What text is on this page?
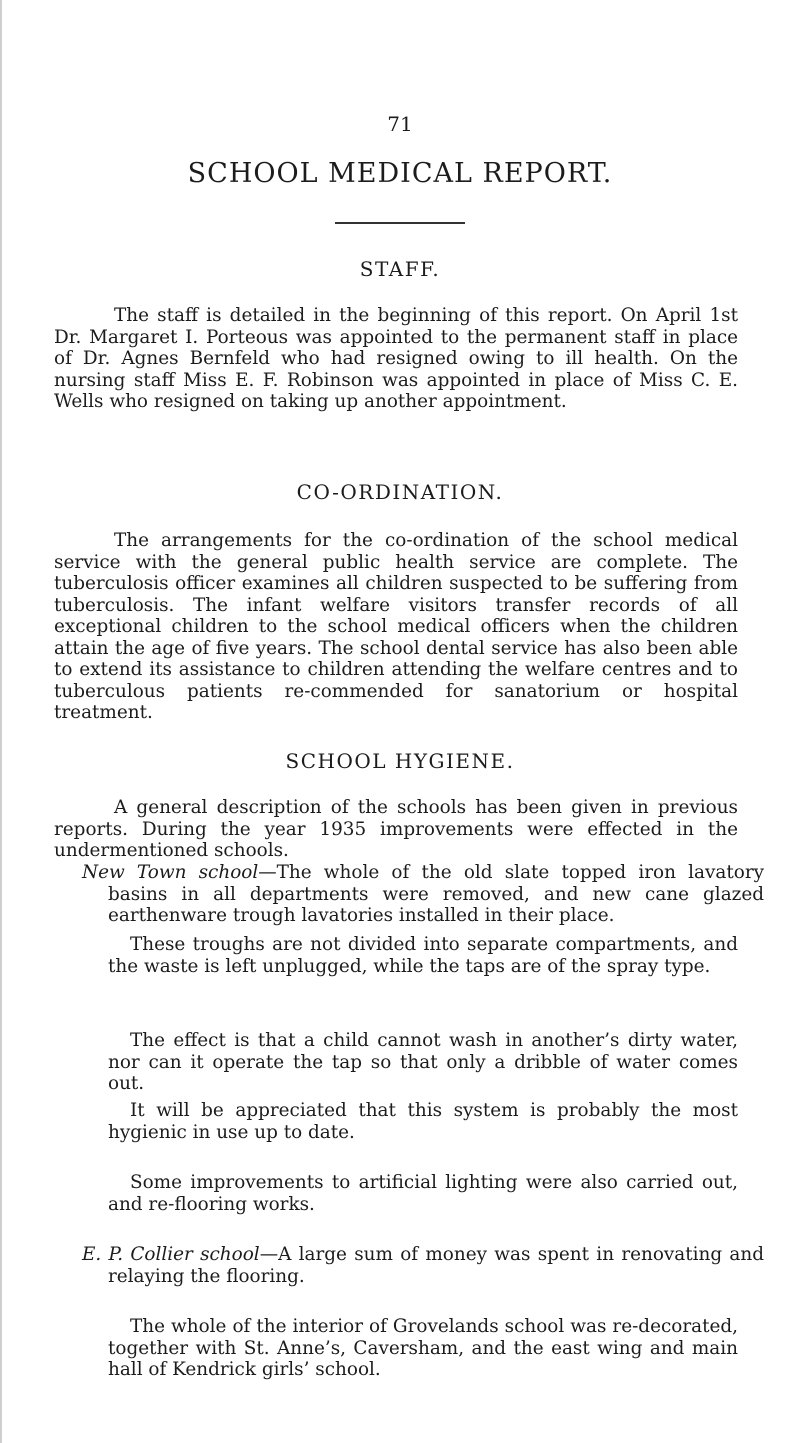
71
SCHOOL MEDICAL REPORT.
STAFF.

The staff is detailed in the beginning of this report. On April 1st Dr. Margaret I. Porteous was appointed to the permanent staff in place of Dr. Agnes Bernfeld who had resigned owing to ill health. On the nursing staff Miss E. F. Robinson was appointed in place of Miss C. E. Wells who resigned on taking up another appointment.

CO-ORDINATION.

The arrangements for the co-ordination of the school medical service with the general public health service are complete. The tuberculosis officer examines all children suspected to be suffering from tuberculosis. The infant welfare visitors transfer records of all exceptional children to the school medical officers when the children attain the age of five years. The school dental service has also been able to extend its assistance to children attending the welfare centres and to tuberculous patients re-commended for sanatorium or hospital treatment.

SCHOOL HYGIENE.

A general description of the schools has been given in previous reports. During the year 1935 improvements were effected in the undermentioned schools.

New Town school—The whole of the old slate topped iron lavatory basins in all departments were removed, and new cane glazed earthenware trough lavatories installed in their place.

These troughs are not divided into separate compartments, and the waste is left unplugged, while the taps are of the spray type.

The effect is that a child cannot wash in another’s dirty water, nor can it operate the tap so that only a dribble of water comes out.

It will be appreciated that this system is probably the most hygienic in use up to date.

Some improvements to artificial lighting were also carried out, and re-flooring works.

E. P. Collier school—A large sum of money was spent in renovating and relaying the flooring.

The whole of the interior of Grovelands school was re-decorated, together with St. Anne’s, Caversham, and the east wing and main hall of Kendrick girls’ school.
